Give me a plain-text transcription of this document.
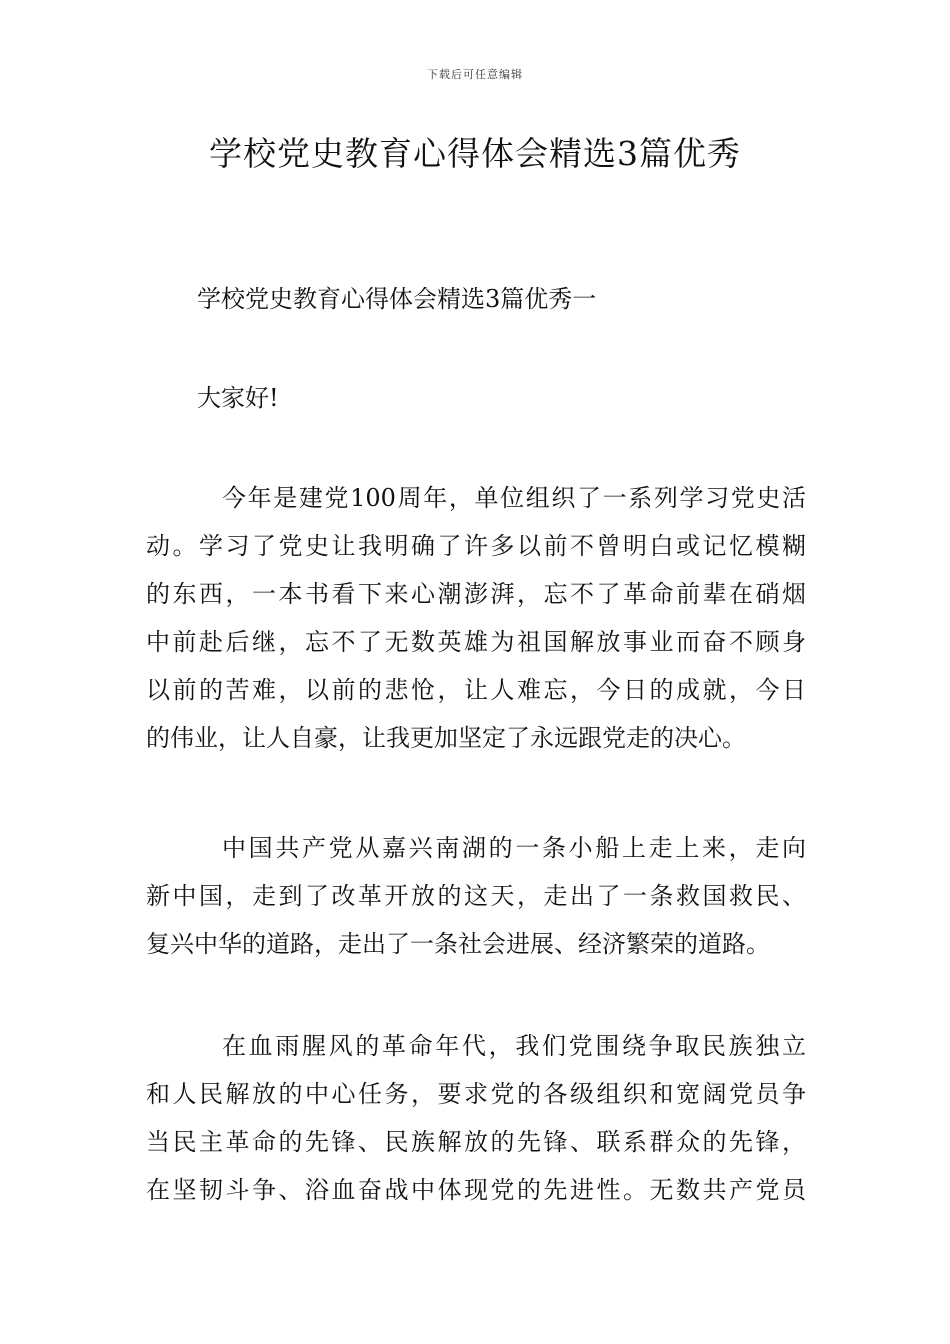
下载后可任意编辑
学校党史教育心得体会精选3篇优秀
学校党史教育心得体会精选3篇优秀一
大家好!
今年是建党100周年，单位组织了一系列学习党史活
动。学习了党史让我明确了许多以前不曾明白或记忆模糊
的东西，一本书看下来心潮澎湃，忘不了革命前辈在硝烟
中前赴后继，忘不了无数英雄为祖国解放事业而奋不顾身
以前的苦难，以前的悲怆，让人难忘，今日的成就，今日
的伟业，让人自豪，让我更加坚定了永远跟党走的决心。
中国共产党从嘉兴南湖的一条小船上走上来，走向
新中国，走到了改革开放的这天，走出了一条救国救民、
复兴中华的道路，走出了一条社会进展、经济繁荣的道路。
在血雨腥风的革命年代，我们党围绕争取民族独立
和人民解放的中心任务，要求党的各级组织和宽阔党员争
当民主革命的先锋、民族解放的先锋、联系群众的先锋，
在坚韧斗争、浴血奋战中体现党的先进性。无数共产党员
